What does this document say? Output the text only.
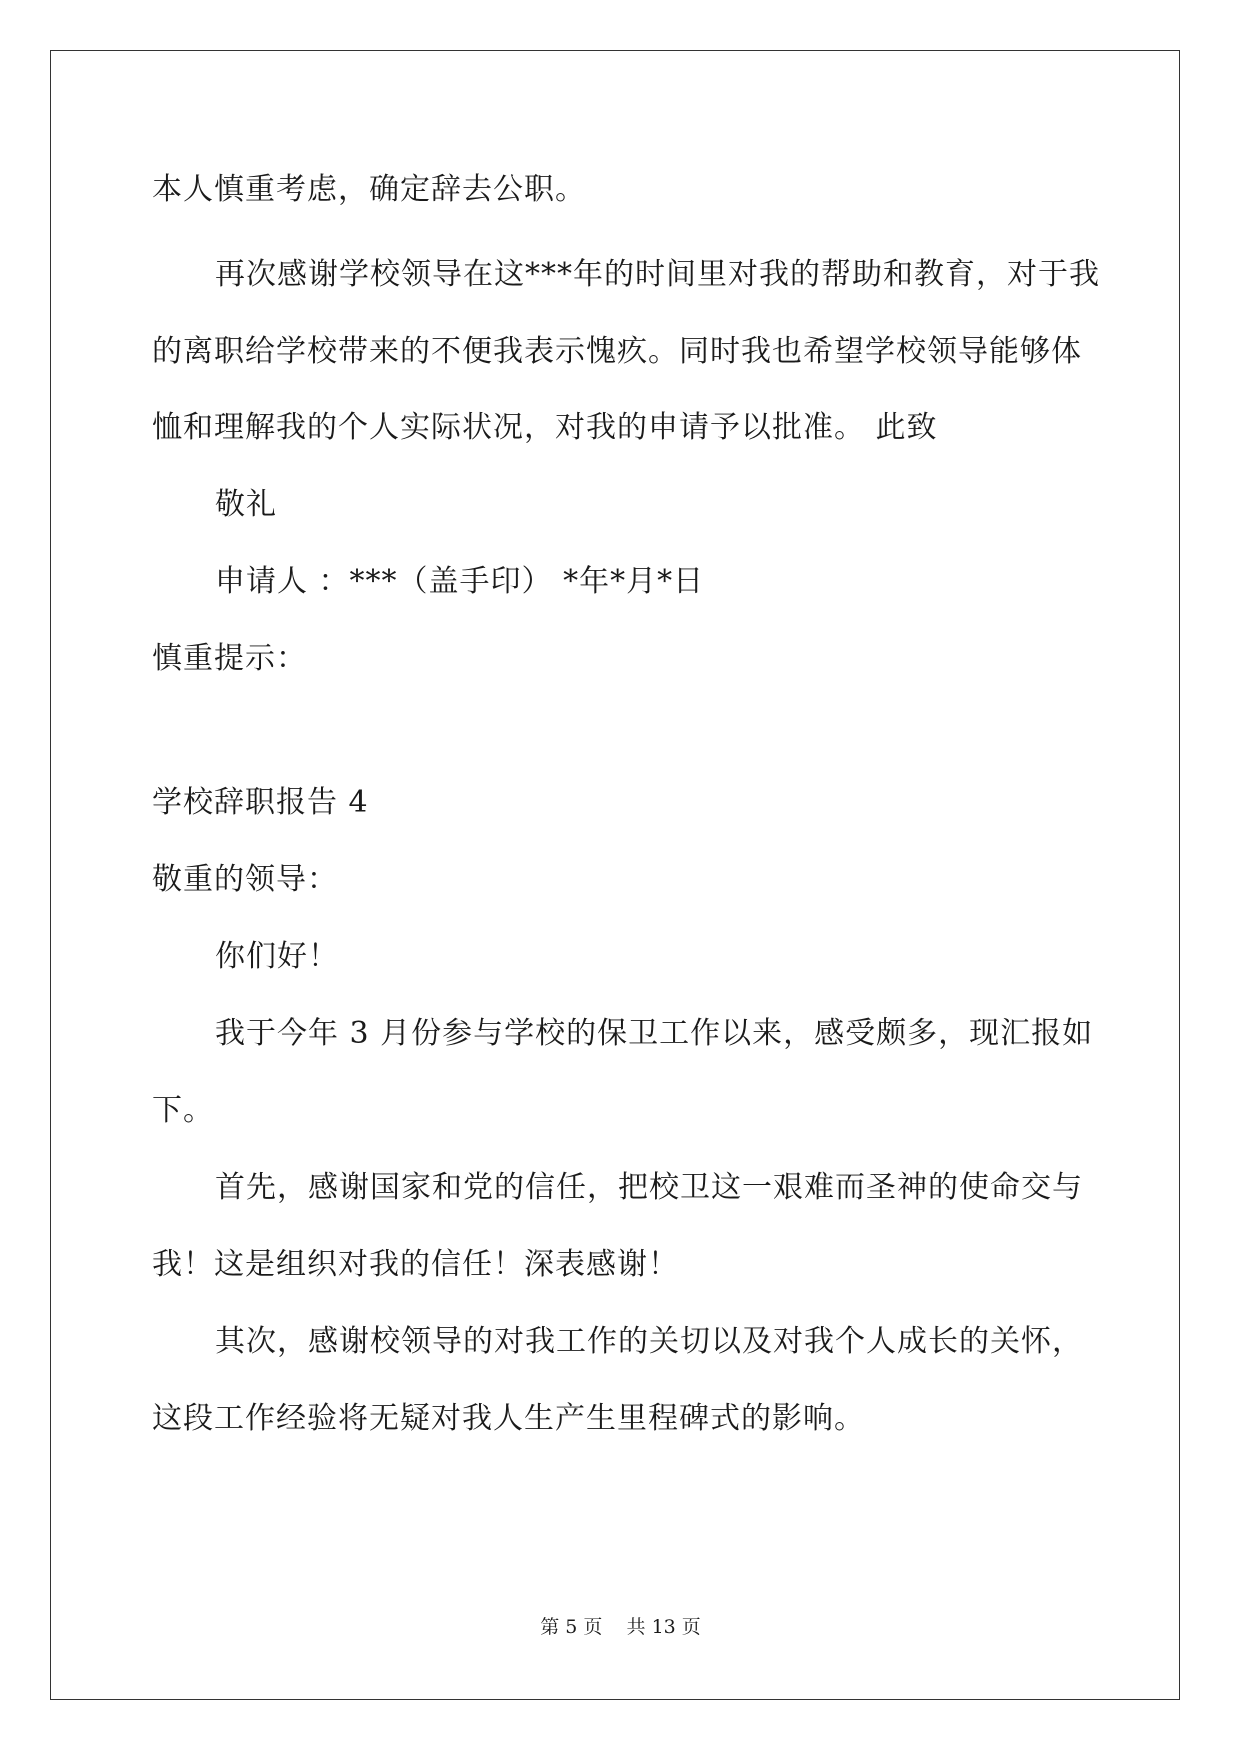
本人慎重考虑，确定辞去公职。
再次感谢学校领导在这***年的时间里对我的帮助和教育，对于我
的离职给学校带来的不便我表示愧疚。同时我也希望学校领导能够体
恤和理解我的个人实际状况，对我的申请予以批准。 此致
敬礼
申请人 ：***（盖手印） *年*月*日
慎重提示：
学校辞职报告 4
敬重的领导：
你们好！
我于今年 3 月份参与学校的保卫工作以来，感受颇多，现汇报如
下。
首先，感谢国家和党的信任，把校卫这一艰难而圣神的使命交与
我！这是组织对我的信任！深表感谢！
其次，感谢校领导的对我工作的关切以及对我个人成长的关怀，
这段工作经验将无疑对我人生产生里程碑式的影响。
第 5 页    共 13 页
